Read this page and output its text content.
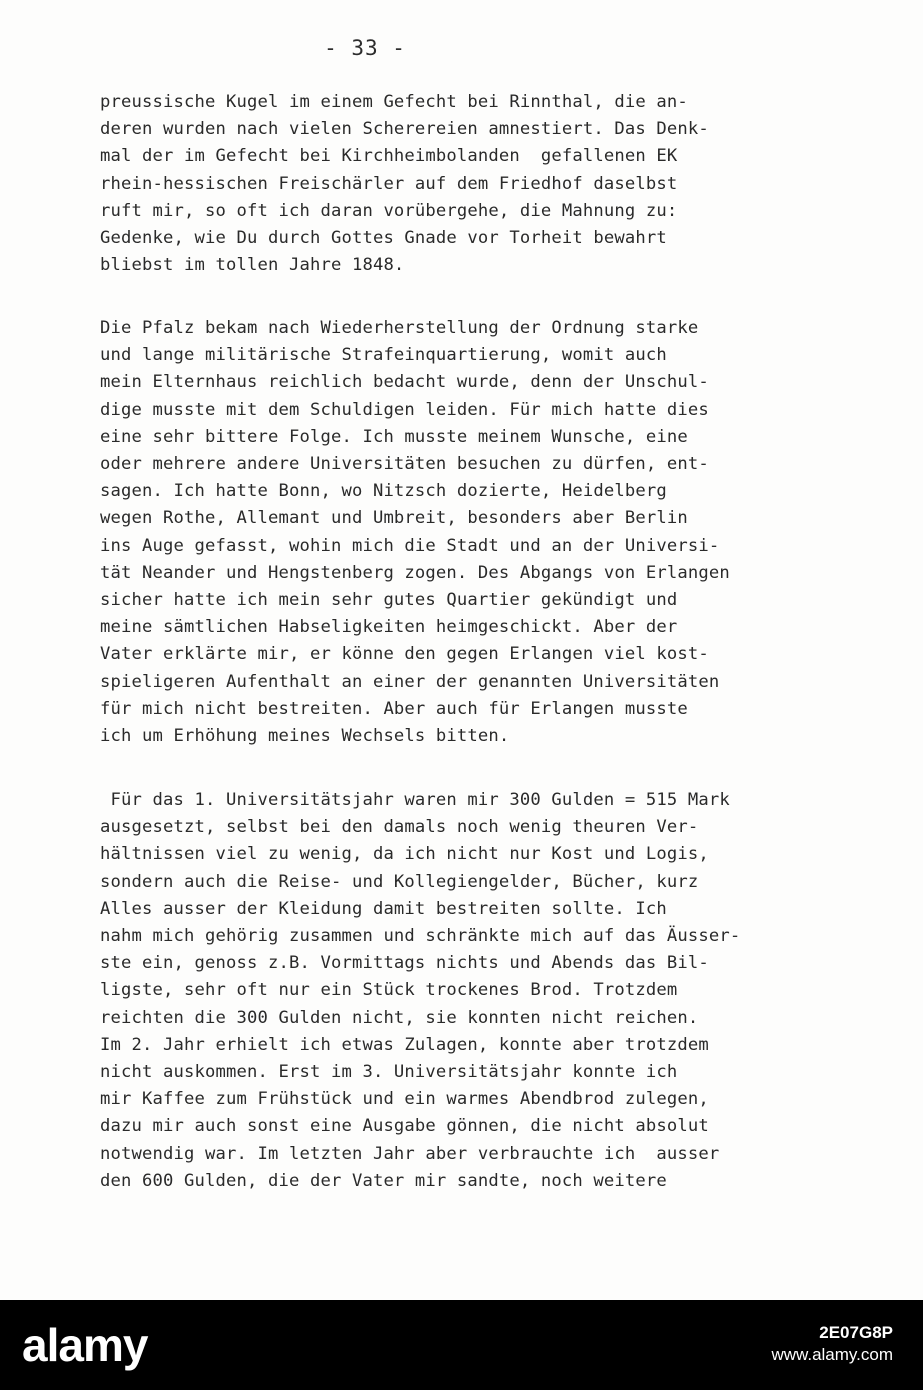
- 33 -

preussische Kugel im einem Gefecht bei Rinnthal, die an-
deren wurden nach vielen Scherereien amnestiert. Das Denk-
mal der im Gefecht bei Kirchheimbolanden  gefallenen EK
rhein-hessischen Freischärler auf dem Friedhof daselbst
ruft mir, so oft ich daran vorübergehe, die Mahnung zu:
Gedenke, wie Du durch Gottes Gnade vor Torheit bewahrt
bliebst im tollen Jahre 1848.

Die Pfalz bekam nach Wiederherstellung der Ordnung starke
und lange militärische Strafeinquartierung, womit auch
mein Elternhaus reichlich bedacht wurde, denn der Unschul-
dige musste mit dem Schuldigen leiden. Für mich hatte dies
eine sehr bittere Folge. Ich musste meinem Wunsche, eine
oder mehrere andere Universitäten besuchen zu dürfen, ent-
sagen. Ich hatte Bonn, wo Nitzsch dozierte, Heidelberg
wegen Rothe, Allemant und Umbreit, besonders aber Berlin
ins Auge gefasst, wohin mich die Stadt und an der Universi-
tät Neander und Hengstenberg zogen. Des Abgangs von Erlangen
sicher hatte ich mein sehr gutes Quartier gekündigt und
meine sämtlichen Habseligkeiten heimgeschickt. Aber der
Vater erklärte mir, er könne den gegen Erlangen viel kost-
spieligeren Aufenthalt an einer der genannten Universitäten
für mich nicht bestreiten. Aber auch für Erlangen musste
ich um Erhöhung meines Wechsels bitten.

Für das 1. Universitätsjahr waren mir 300 Gulden = 515 Mark
ausgesetzt, selbst bei den damals noch wenig theuren Ver-
hältnissen viel zu wenig, da ich nicht nur Kost und Logis,
sondern auch die Reise- und Kollegiengelder, Bücher, kurz
Alles ausser der Kleidung damit bestreiten sollte. Ich
nahm mich gehörig zusammen und schränkte mich auf das Äusser-
ste ein, genoss z.B. Vormittags nichts und Abends das Bil-
ligste, sehr oft nur ein Stück trockenes Brod. Trotzdem
reichten die 300 Gulden nicht, sie konnten nicht reichen.
Im 2. Jahr erhielt ich etwas Zulagen, konnte aber trotzdem
nicht auskommen. Erst im 3. Universitätsjahr konnte ich
mir Kaffee zum Frühstück und ein warmes Abendbrod zulegen,
dazu mir auch sonst eine Ausgabe gönnen, die nicht absolut
notwendig war. Im letzten Jahr aber verbrauchte ich  ausser
den 600 Gulden, die der Vater mir sandte, noch weitere

alamy	2E07G8P
www.alamy.com
